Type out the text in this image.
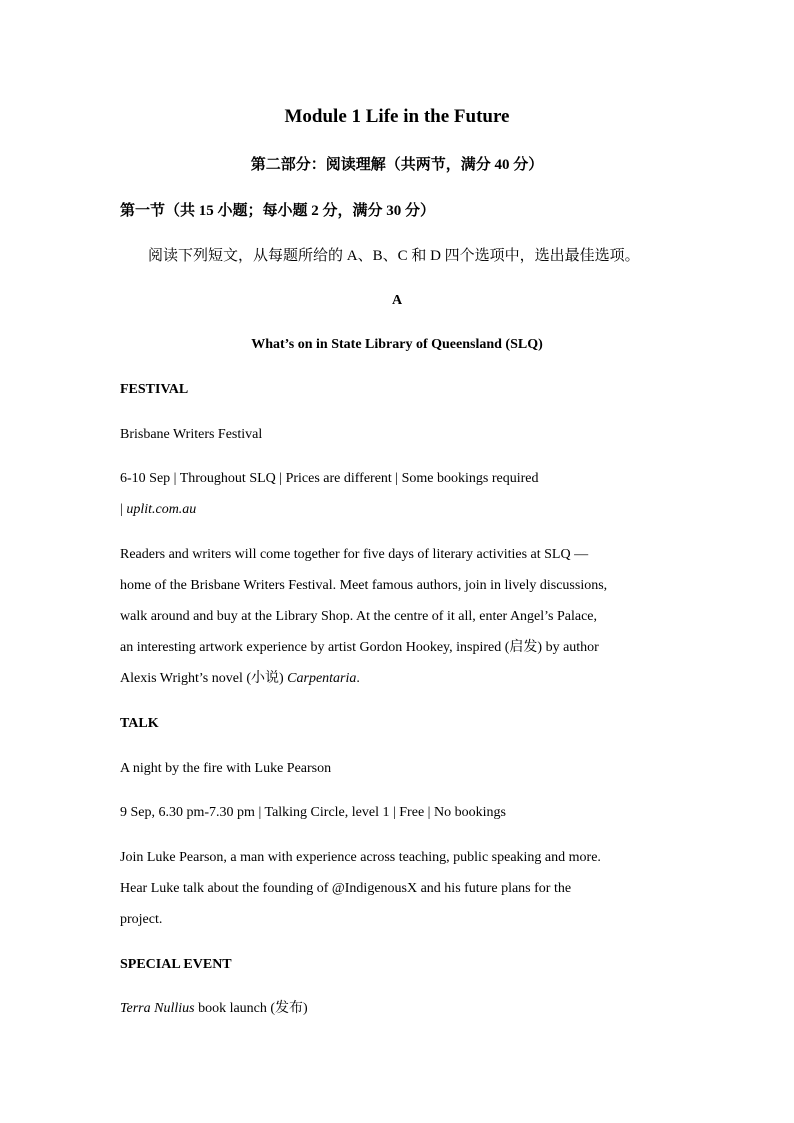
Module 1 Life in the Future
第二部分：阅读理解（共两节，满分 40 分）
第一节（共 15 小题；每小题 2 分，满分 30 分）
阅读下列短文，从每题所给的 A、B、C 和 D 四个选项中，选出最佳选项。
A
What’s on in State Library of Queensland (SLQ)
FESTIVAL
Brisbane Writers Festival
6-10 Sep | Throughout SLQ | Prices are different | Some bookings required
| uplit.com.au
Readers and writers will come together for five days of literary activities at SLQ —
home of the Brisbane Writers Festival. Meet famous authors, join in lively discussions,
walk around and buy at the Library Shop. At the centre of it all, enter Angel’s Palace,
an interesting artwork experience by artist Gordon Hookey, inspired (启发) by author
Alexis Wright’s novel (小说) Carpentaria.
TALK
A night by the fire with Luke Pearson
9 Sep, 6.30 pm-7.30 pm | Talking Circle, level 1 | Free | No bookings
Join Luke Pearson, a man with experience across teaching, public speaking and more.
Hear Luke talk about the founding of @IndigenousX and his future plans for the
project.
SPECIAL EVENT
Terra Nullius book launch (发布)
